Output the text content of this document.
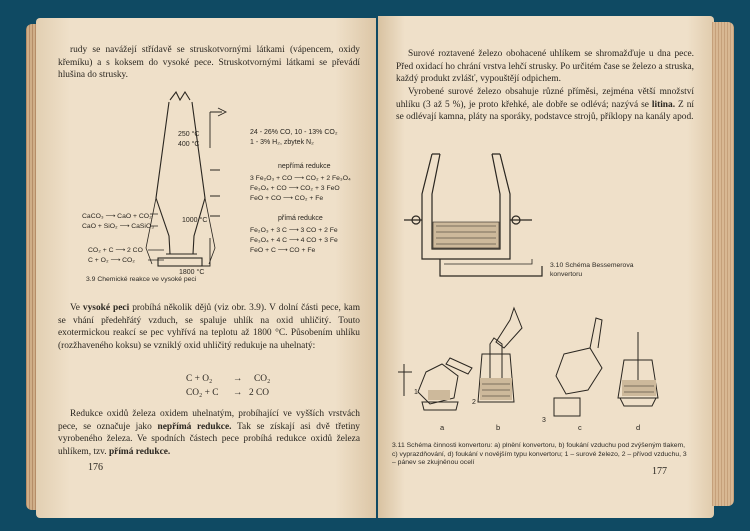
rudy se navážejí střídavě se struskotvornými látkami (vápencem, oxidy křemíku) a s koksem do vysoké pece. Struskotvornými látkami se převádí hlušina do strusky.
250 °C
400 °C
1000 °C
1800 °C
24 - 26% CO, 10 - 13% CO₂
1 - 3% H₂, zbytek N₂
nepřímá redukce
3 Fe₂O₃ + CO ⟶ CO₂ + 2 Fe₃O₄
Fe₃O₄ + CO ⟶ CO₂ + 3 FeO
FeO + CO ⟶ CO₂ + Fe
přímá redukce
Fe₂O₃ + 3 C ⟶ 3 CO + 2 Fe
Fe₃O₄ + 4 C ⟶ 4 CO + 3 Fe
FeO + C ⟶ CO + Fe
CaCO₃ ⟶ CaO + CO₂
CaO + SiO₂ ⟶ CaSiO₃
CO₂ + C ⟶ 2 CO
C + O₂ ⟶ CO₂
3.9 Chemické reakce ve vysoké peci
Ve vysoké peci probíhá několik dějů (viz obr. 3.9). V dolní části pece, kam se vhání předehřátý vzduch, se spaluje uhlík na oxid uhličitý. Touto exotermickou reakcí se pec vyhřívá na teplotu až 1800 °C. Působením uhlíku (rozžhaveného koksu) se vzniklý oxid uhličitý redukuje na uhelnatý:
C + O₂	→ CO₂
CO₂ + C	→ 2 CO
Redukce oxidů železa oxidem uhelnatým, probíhající ve vyšších vrstvách pece, se označuje jako nepřímá redukce. Tak se získají asi dvě třetiny vyrobeného železa. Ve spodních částech pece probíhá redukce oxidů železa uhlíkem, tzv. přímá redukce.
176
Surové roztavené železo obohacené uhlíkem se shromažďuje u dna pece. Před oxidací ho chrání vrstva lehčí strusky. Po určitém čase se železo a struska, každý produkt zvlášť, vypouštějí odpichem.
Vyrobené surové železo obsahuje různé příměsi, zejména větší množství uhlíku (3 až 5 %), je proto křehké, ale dobře se odlévá; nazývá se litina. Z ní se odlévají kamna, pláty na sporáky, podstavce strojů, příklopy na kanály apod.
3.10 Schéma Bessemerova konvertoru
1
2
3
a	b	c	d
3.11 Schéma činnosti konvertoru: a) plnění konvertoru, b) foukání vzduchu pod zvýšeným tlakem, c) vyprazdňování, d) foukání v novějším typu konvertoru; 1 – surové železo, 2 – přívod vzduchu, 3 – pánev se zkujněnou ocelí
177
